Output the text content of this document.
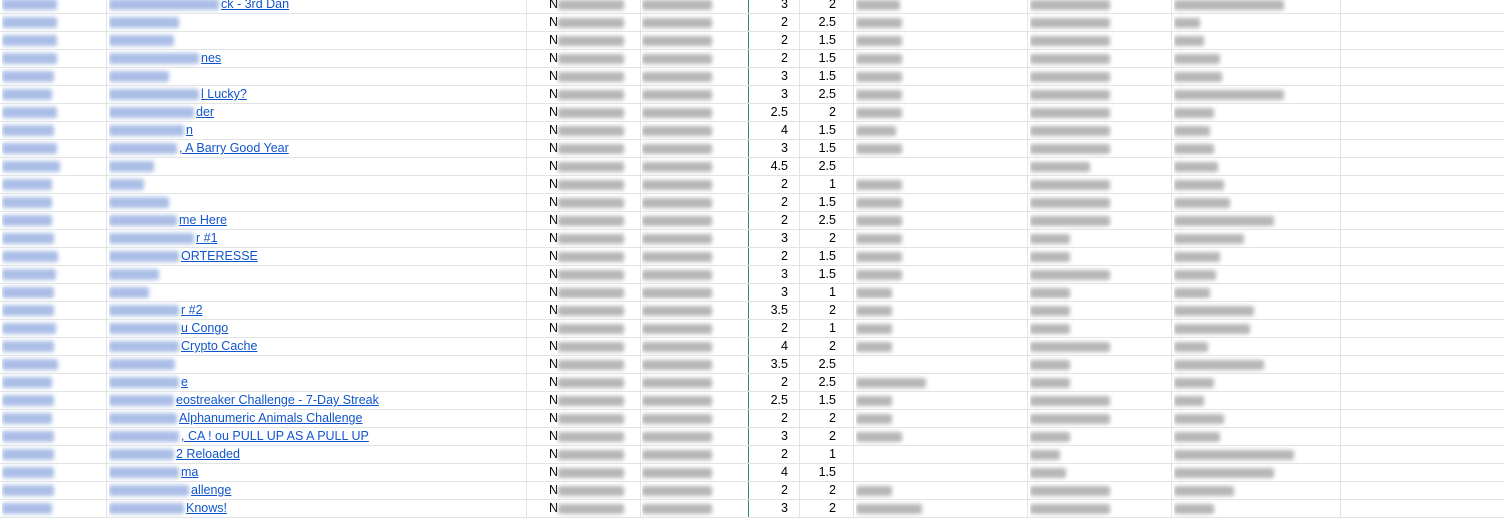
ck - 3rd Dan	N	3	2
N	2	2.5
N	2	1.5
nes	N	2	1.5
N	3	1.5
l Lucky?	N	3	2.5
der	N	2.5	2
n	N	4	1.5
, A Barry Good Year	N	3	1.5
N	4.5	2.5
N	2	1
N	2	1.5
me Here	N	2	2.5
r #1	N	3	2
ORTERESSE	N	2	1.5
N	3	1.5
N	3	1
r #2	N	3.5	2
u Congo	N	2	1
Crypto Cache	N	4	2
N	3.5	2.5
e	N	2	2.5
eostreaker Challenge - 7-Day Streak	N	2.5	1.5
Alphanumeric Animals Challenge	N	2	2
, CA ! ou PULL UP AS A PULL UP	N	3	2
2 Reloaded	N	2	1
ma	N	4	1.5
allenge	N	2	2
Knows!	N	3	2
